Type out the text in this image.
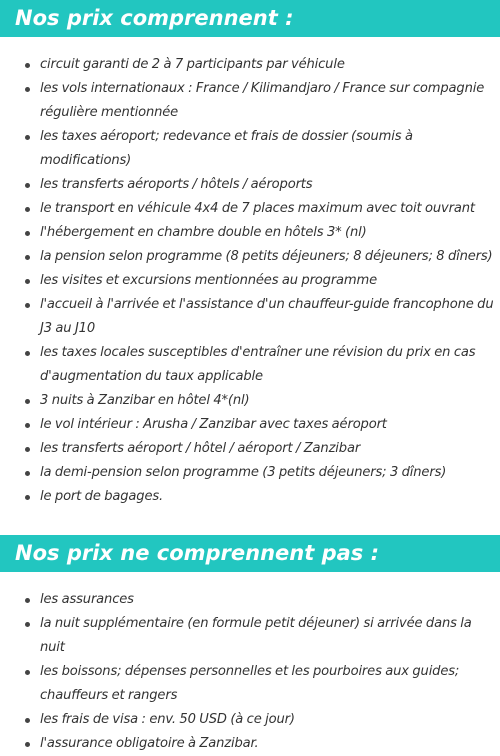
Nos prix comprennent :
circuit garanti de 2 à 7 participants par véhicule
les vols internationaux : France / Kilimandjaro / France sur compagnie régulière mentionnée
les taxes aéroport; redevance et frais de dossier (soumis à modifications)
les transferts aéroports / hôtels / aéroports
le transport en véhicule 4x4 de 7 places maximum avec toit ouvrant
l'hébergement en chambre double en hôtels 3* (nl)
la pension selon programme (8 petits déjeuners; 8 déjeuners; 8 dîners)
les visites et excursions mentionnées au programme
l'accueil à l'arrivée et l'assistance d'un chauffeur-guide francophone du J3 au J10
les taxes locales susceptibles d'entraîner une révision du prix en cas d'augmentation du taux applicable
3 nuits à Zanzibar en hôtel 4*(nl)
le vol intérieur : Arusha / Zanzibar avec taxes aéroport
les transferts aéroport / hôtel / aéroport / Zanzibar
la demi-pension selon programme (3 petits déjeuners; 3 dîners)
le port de bagages.
Nos prix ne comprennent pas :
les assurances
la nuit supplémentaire (en formule petit déjeuner) si arrivée dans la nuit
les boissons; dépenses personnelles et les pourboires aux guides; chauffeurs et rangers
les frais de visa : env. 50 USD (à ce jour)
l'assurance obligatoire à Zanzibar.
